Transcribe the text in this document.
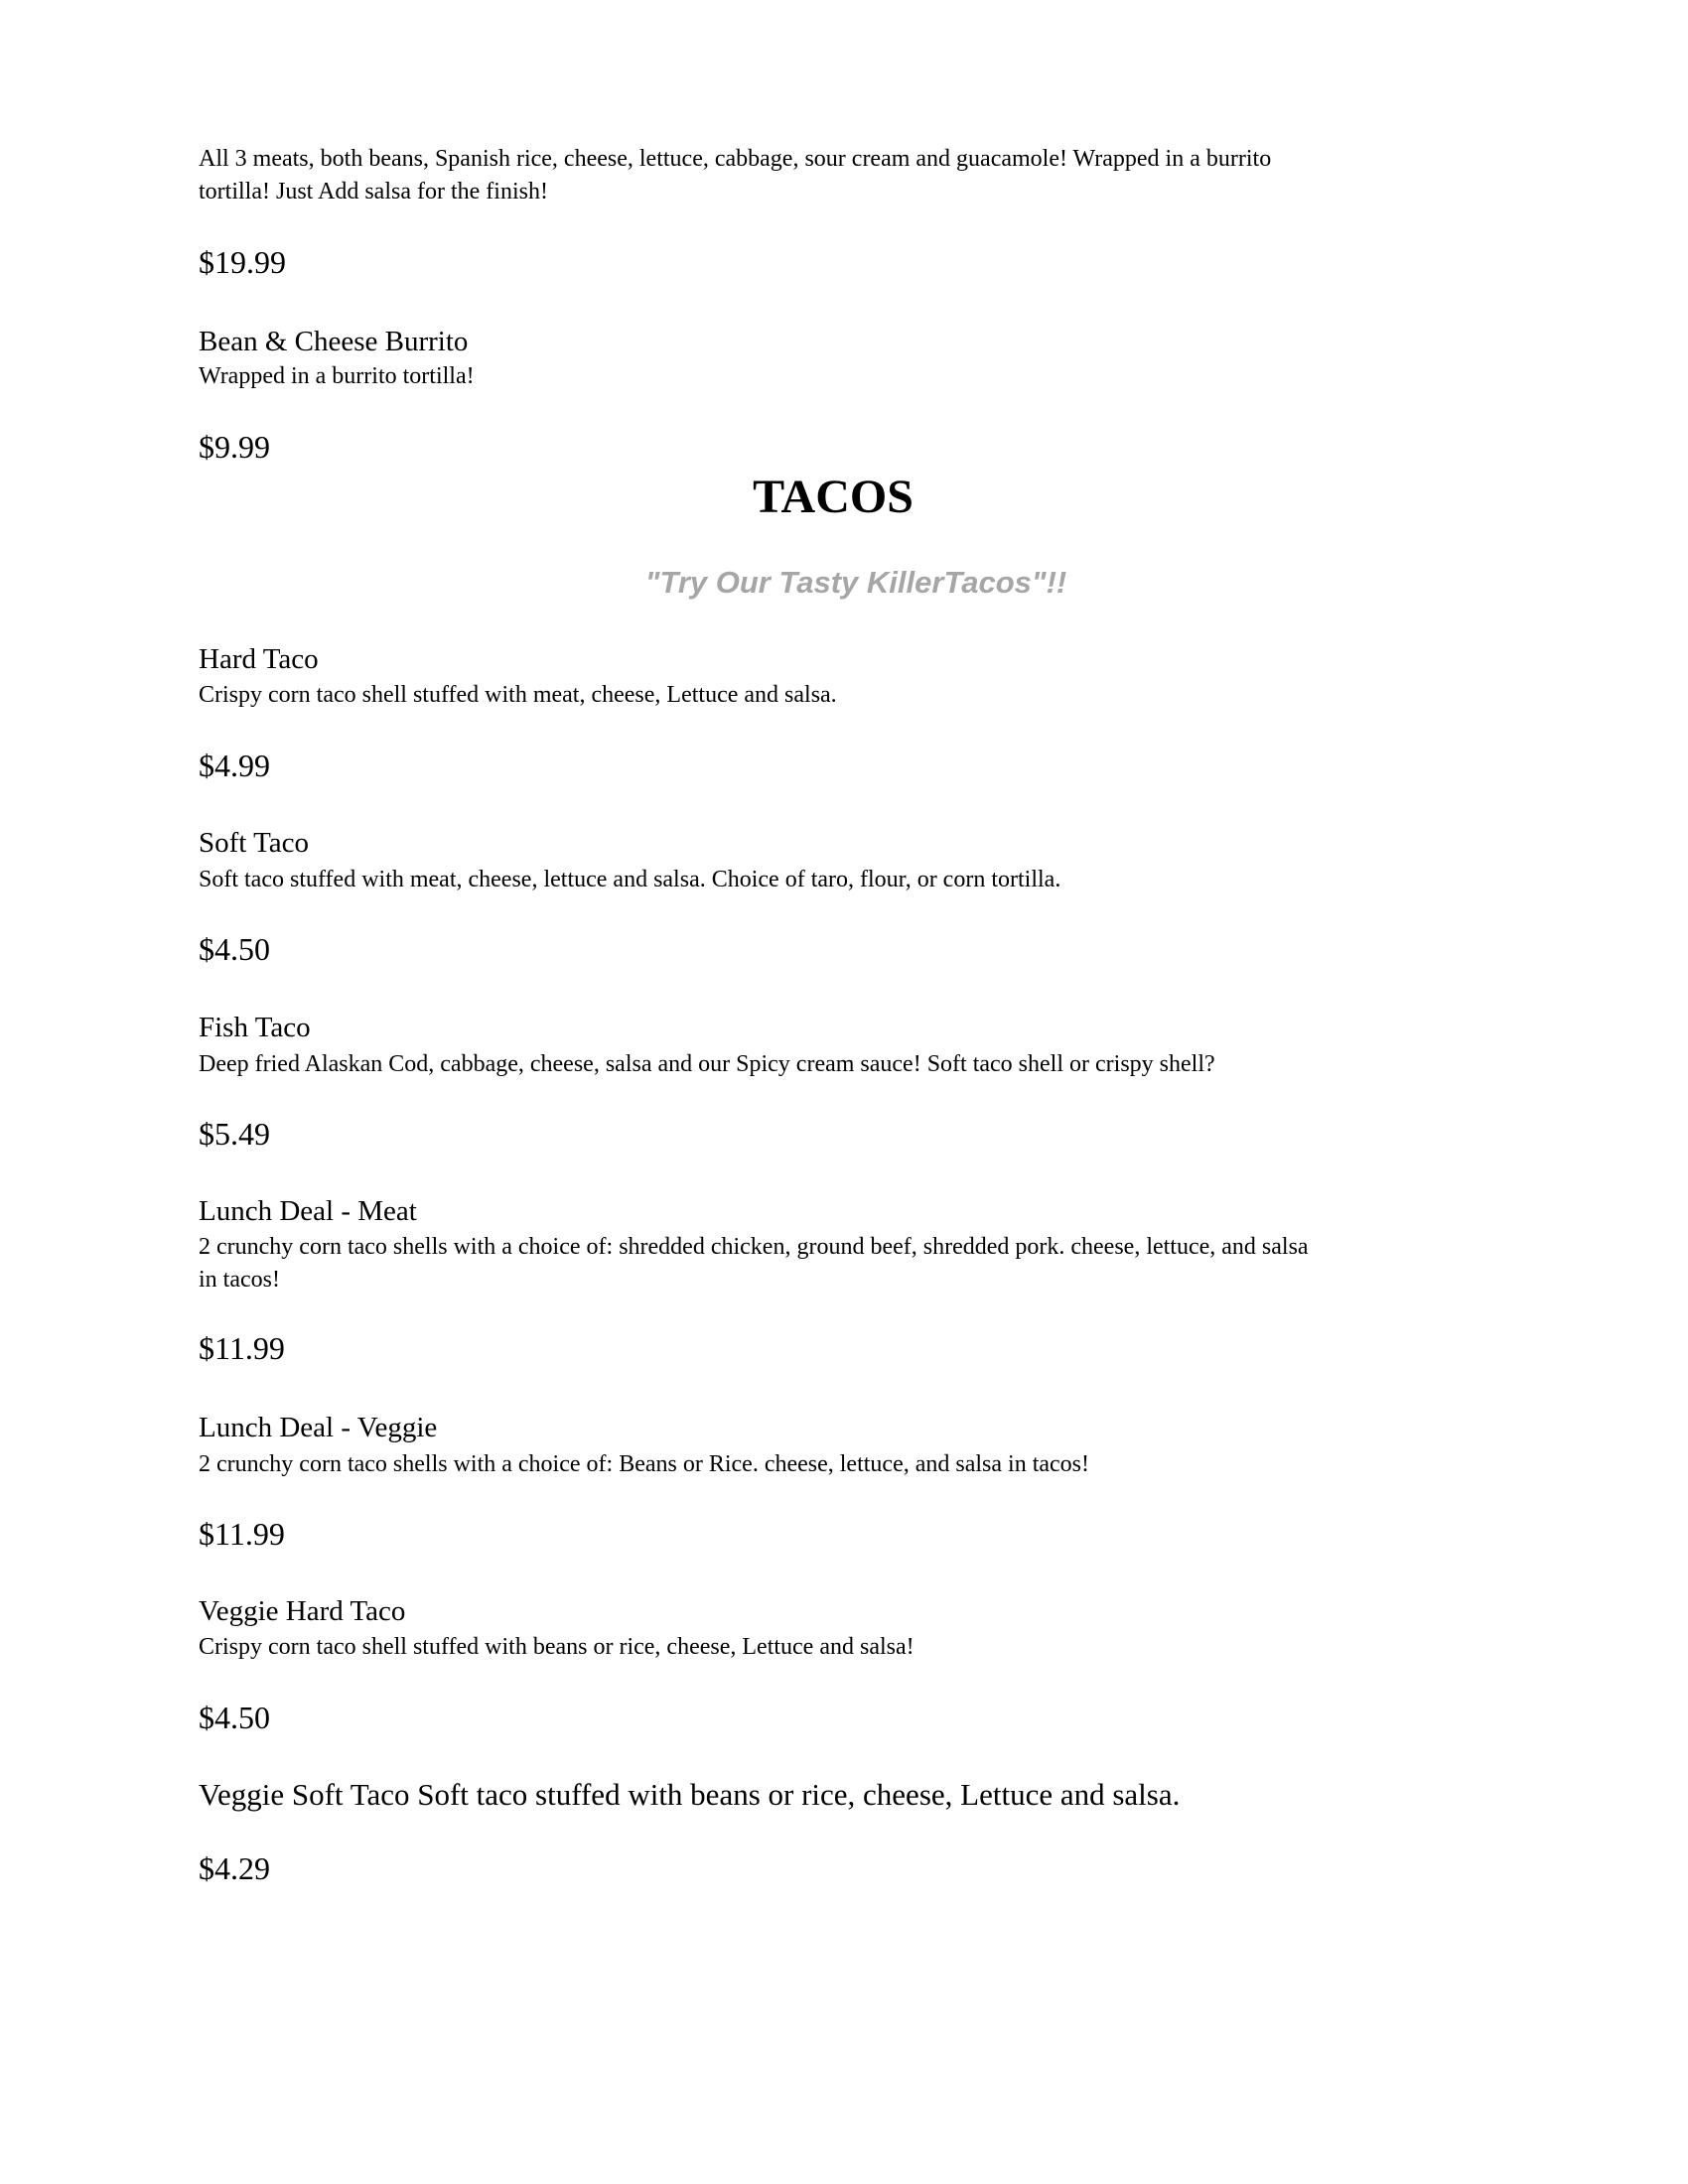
All 3 meats, both beans, Spanish rice, cheese, lettuce, cabbage, sour cream and guacamole! Wrapped in a burrito

tortilla! Just Add salsa for the finish!

$19.99

Bean & Cheese Burrito

Wrapped in a burrito tortilla!

$9.99

TACOS

"Try Our Tasty KillerTacos"!!

Hard Taco

Crispy corn taco shell stuffed with meat, cheese, Lettuce and salsa.

$4.99

Soft Taco

Soft taco stuffed with meat, cheese, lettuce and salsa. Choice of taro, flour, or corn tortilla.

$4.50

Fish Taco

Deep fried Alaskan Cod, cabbage, cheese, salsa and our Spicy cream sauce! Soft taco shell or crispy shell?

$5.49

Lunch Deal - Meat

2 crunchy corn taco shells with a choice of: shredded chicken, ground beef, shredded pork. cheese, lettuce, and salsa

in tacos!

$11.99

Lunch Deal - Veggie

2 crunchy corn taco shells with a choice of: Beans or Rice. cheese, lettuce, and salsa in tacos!

$11.99

Veggie Hard Taco

Crispy corn taco shell stuffed with beans or rice, cheese, Lettuce and salsa!

$4.50

Veggie Soft Taco Soft taco stuffed with beans or rice, cheese, Lettuce and salsa.

$4.29
